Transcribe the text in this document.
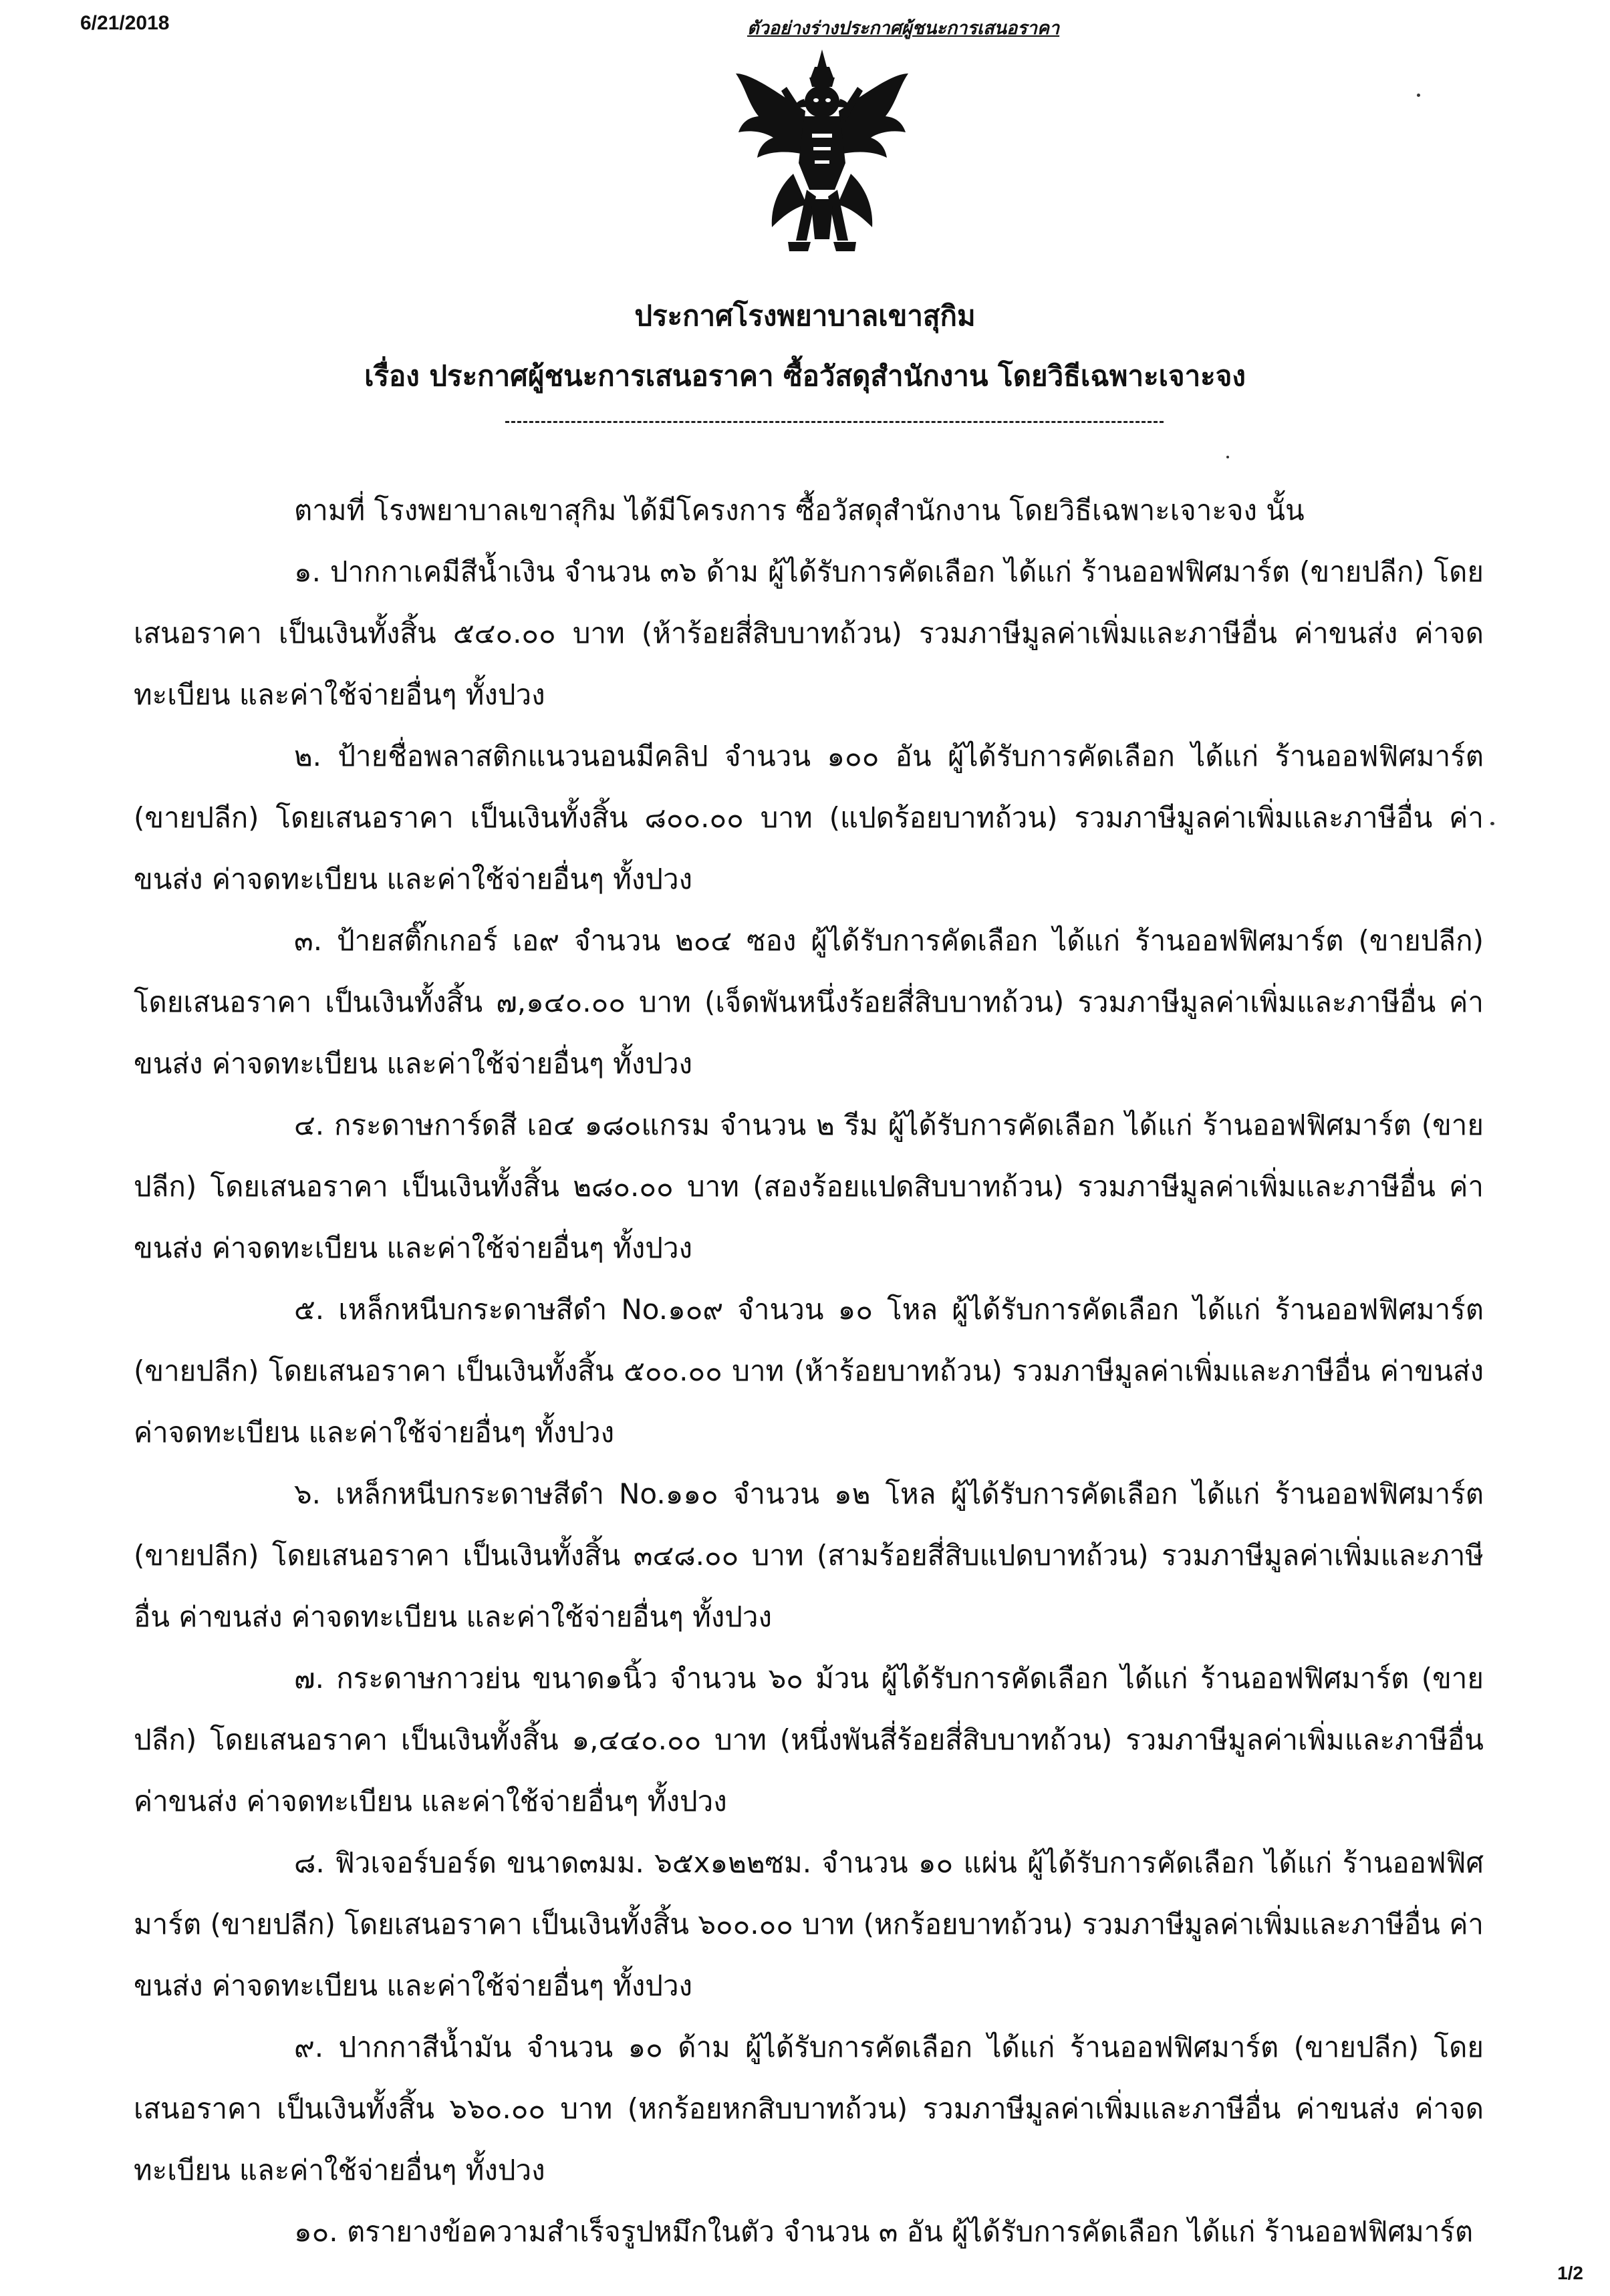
6/21/2018	ตัวอย่างร่างประกาศผู้ชนะการเสนอราคา
ประกาศโรงพยาบาลเขาสุกิม
เรื่อง ประกาศผู้ชนะการเสนอราคา ซื้อวัสดุสำนักงาน โดยวิธีเฉพาะเจาะจง

ตามที่ โรงพยาบาลเขาสุกิม ได้มีโครงการ ซื้อวัสดุสำนักงาน โดยวิธีเฉพาะเจาะจง นั้น

๑. ปากกาเคมีสีน้ำเงิน จำนวน ๓๖ ด้าม ผู้ได้รับการคัดเลือก ได้แก่ ร้านออฟฟิศมาร์ต (ขายปลีก) โดยเสนอราคา เป็นเงินทั้งสิ้น ๕๔๐.๐๐ บาท (ห้าร้อยสี่สิบบาทถ้วน) รวมภาษีมูลค่าเพิ่มและภาษีอื่น ค่าขนส่ง ค่าจดทะเบียน และค่าใช้จ่ายอื่นๆ ทั้งปวง

๒. ป้ายชื่อพลาสติกแนวนอนมีคลิป จำนวน ๑๐๐ อัน ผู้ได้รับการคัดเลือก ได้แก่ ร้านออฟฟิศมาร์ต (ขายปลีก) โดยเสนอราคา เป็นเงินทั้งสิ้น ๘๐๐.๐๐ บาท (แปดร้อยบาทถ้วน) รวมภาษีมูลค่าเพิ่มและภาษีอื่น ค่าขนส่ง ค่าจดทะเบียน และค่าใช้จ่ายอื่นๆ ทั้งปวง

๓. ป้ายสติ๊กเกอร์ เอ๙ จำนวน ๒๐๔ ซอง ผู้ได้รับการคัดเลือก ได้แก่ ร้านออฟฟิศมาร์ต (ขายปลีก) โดยเสนอราคา เป็นเงินทั้งสิ้น ๗,๑๔๐.๐๐ บาท (เจ็ดพันหนึ่งร้อยสี่สิบบาทถ้วน) รวมภาษีมูลค่าเพิ่มและภาษีอื่น ค่าขนส่ง ค่าจดทะเบียน และค่าใช้จ่ายอื่นๆ ทั้งปวง

๔. กระดาษการ์ดสี เอ๔ ๑๘๐แกรม จำนวน ๒ รีม ผู้ได้รับการคัดเลือก ได้แก่ ร้านออฟฟิศมาร์ต (ขายปลีก) โดยเสนอราคา เป็นเงินทั้งสิ้น ๒๘๐.๐๐ บาท (สองร้อยแปดสิบบาทถ้วน) รวมภาษีมูลค่าเพิ่มและภาษีอื่น ค่าขนส่ง ค่าจดทะเบียน และค่าใช้จ่ายอื่นๆ ทั้งปวง

๕. เหล็กหนีบกระดาษสีดำ No.๑๐๙ จำนวน ๑๐ โหล ผู้ได้รับการคัดเลือก ได้แก่ ร้านออฟฟิศมาร์ต (ขายปลีก) โดยเสนอราคา เป็นเงินทั้งสิ้น ๕๐๐.๐๐ บาท (ห้าร้อยบาทถ้วน) รวมภาษีมูลค่าเพิ่มและภาษีอื่น ค่าขนส่ง ค่าจดทะเบียน และค่าใช้จ่ายอื่นๆ ทั้งปวง

๖. เหล็กหนีบกระดาษสีดำ No.๑๑๐ จำนวน ๑๒ โหล ผู้ได้รับการคัดเลือก ได้แก่ ร้านออฟฟิศมาร์ต (ขายปลีก) โดยเสนอราคา เป็นเงินทั้งสิ้น ๓๔๘.๐๐ บาท (สามร้อยสี่สิบแปดบาทถ้วน) รวมภาษีมูลค่าเพิ่มและภาษีอื่น ค่าขนส่ง ค่าจดทะเบียน และค่าใช้จ่ายอื่นๆ ทั้งปวง

๗. กระดาษกาวย่น ขนาด๑นิ้ว จำนวน ๖๐ ม้วน ผู้ได้รับการคัดเลือก ได้แก่ ร้านออฟฟิศมาร์ต (ขายปลีก) โดยเสนอราคา เป็นเงินทั้งสิ้น ๑,๔๔๐.๐๐ บาท (หนึ่งพันสี่ร้อยสี่สิบบาทถ้วน) รวมภาษีมูลค่าเพิ่มและภาษีอื่น ค่าขนส่ง ค่าจดทะเบียน และค่าใช้จ่ายอื่นๆ ทั้งปวง

๘. ฟิวเจอร์บอร์ด ขนาด๓มม. ๖๕x๑๒๒ซม. จำนวน ๑๐ แผ่น ผู้ได้รับการคัดเลือก ได้แก่ ร้านออฟฟิศมาร์ต (ขายปลีก) โดยเสนอราคา เป็นเงินทั้งสิ้น ๖๐๐.๐๐ บาท (หกร้อยบาทถ้วน) รวมภาษีมูลค่าเพิ่มและภาษีอื่น ค่าขนส่ง ค่าจดทะเบียน และค่าใช้จ่ายอื่นๆ ทั้งปวง

๙. ปากกาสีน้ำมัน จำนวน ๑๐ ด้าม ผู้ได้รับการคัดเลือก ได้แก่ ร้านออฟฟิศมาร์ต (ขายปลีก) โดยเสนอราคา เป็นเงินทั้งสิ้น ๖๖๐.๐๐ บาท (หกร้อยหกสิบบาทถ้วน) รวมภาษีมูลค่าเพิ่มและภาษีอื่น ค่าขนส่ง ค่าจดทะเบียน และค่าใช้จ่ายอื่นๆ ทั้งปวง

๑๐. ตรายางข้อความสำเร็จรูปหมึกในตัว จำนวน ๓ อัน ผู้ได้รับการคัดเลือก ได้แก่ ร้านออฟฟิศมาร์ต

1/2
